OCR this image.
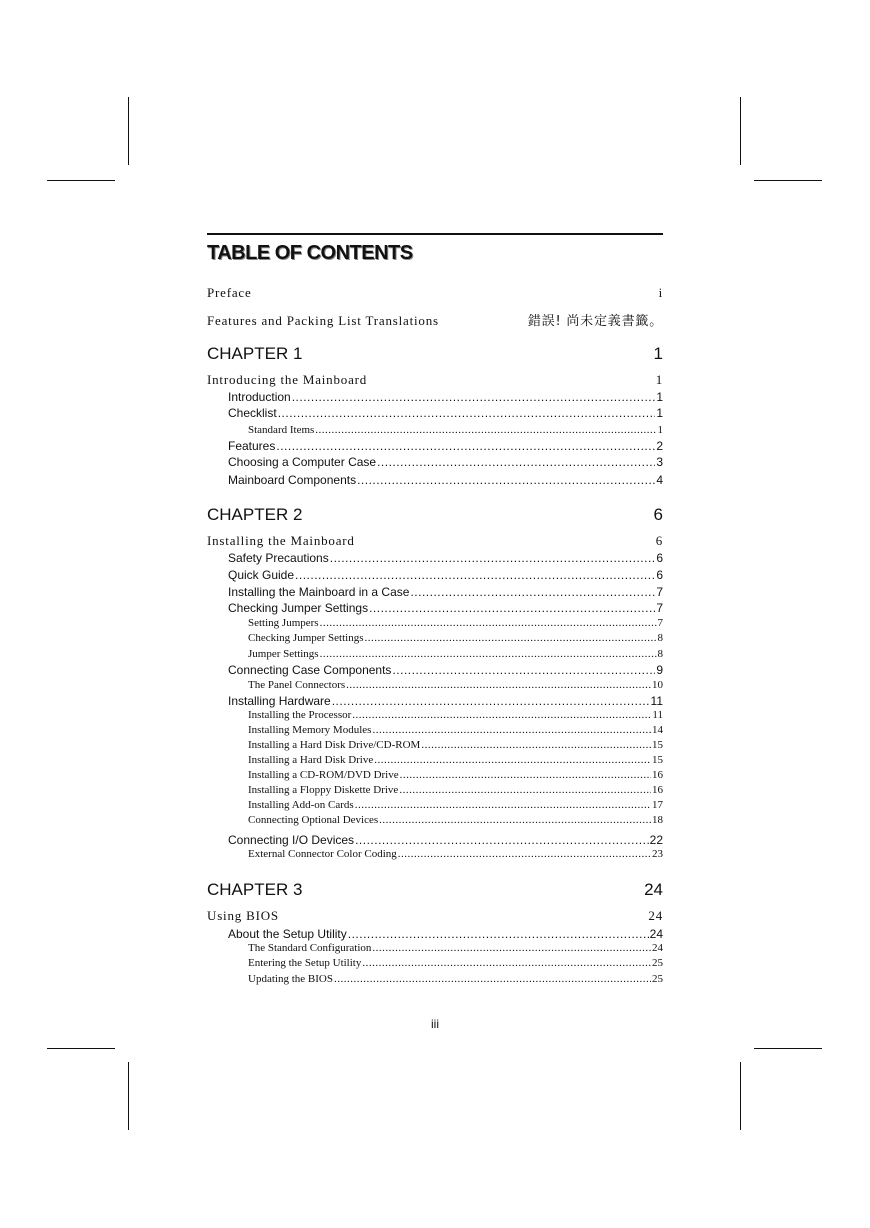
TABLE OF CONTENTS
Preface	i
Features and Packing List Translations	錯誤! 尚未定義書籤。
CHAPTER 1	1
Introducing the Mainboard	1
Introduction .....	1
Checklist .....	1
Standard Items .....	1
Features .....	2
Choosing a Computer Case .....	3
Mainboard Components .....	4
CHAPTER 2	6
Installing the Mainboard	6
Safety Precautions .....	6
Quick Guide .....	6
Installing the Mainboard in a Case .....	7
Checking Jumper Settings .....	7
Setting Jumpers .....	7
Checking Jumper Settings .....	8
Jumper Settings .....	8
Connecting Case Components .....	9
The Panel Connectors .....	10
Installing Hardware .....	11
Installing the Processor .....	11
Installing Memory Modules .....	14
Installing a Hard Disk Drive/CD-ROM .....	15
Installing a Hard Disk Drive .....	15
Installing a CD-ROM/DVD Drive .....	16
Installing a Floppy Diskette Drive .....	16
Installing Add-on Cards .....	17
Connecting Optional Devices .....	18
Connecting I/O Devices .....	22
External Connector Color Coding .....	23
CHAPTER 3	24
Using BIOS	24
About the Setup Utility .....	24
The Standard Configuration .....	24
Entering the Setup Utility .....	25
Updating the BIOS .....	25
iii
